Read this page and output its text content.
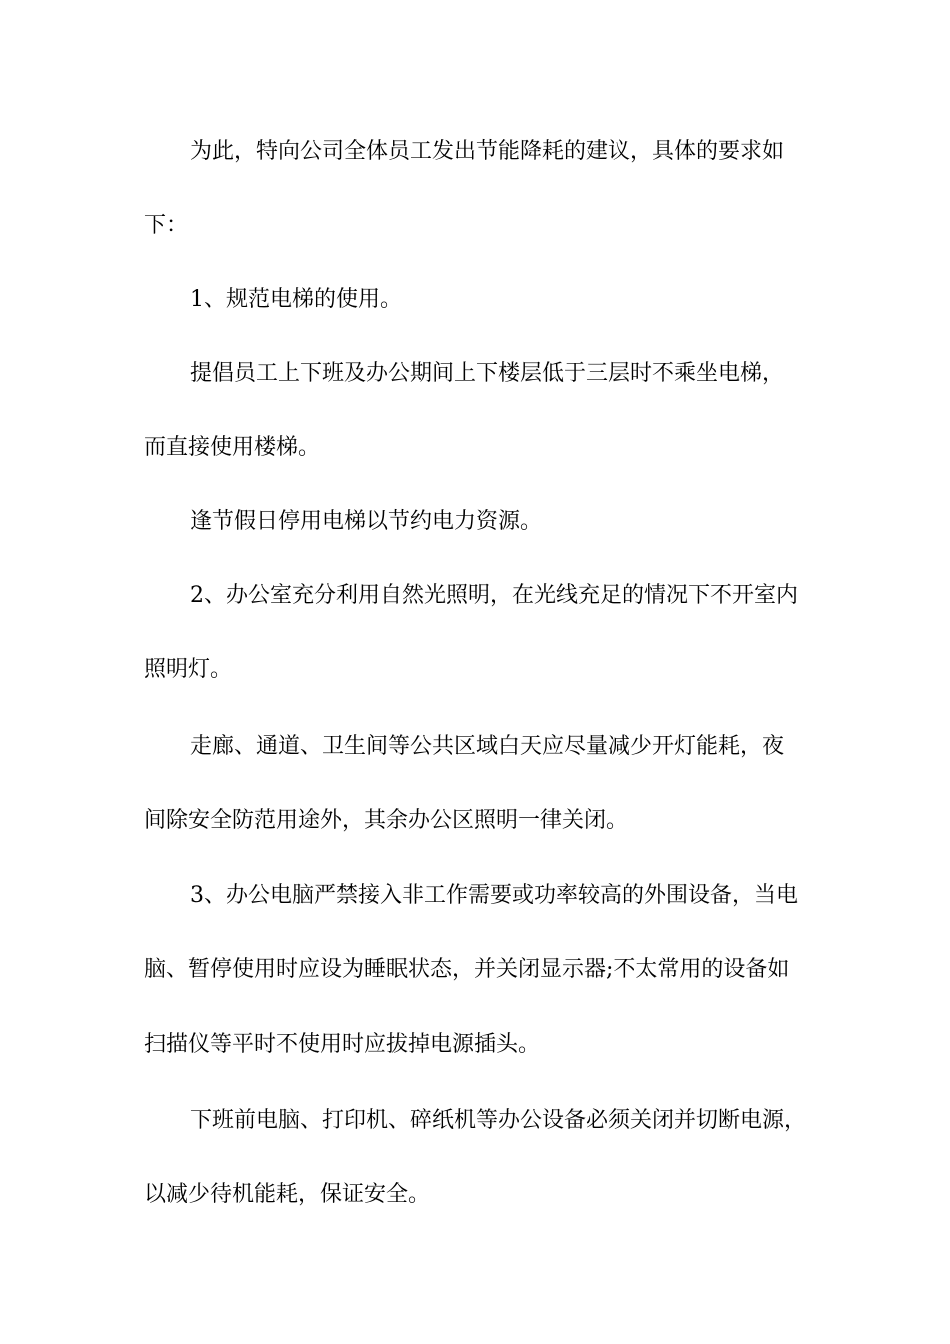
为此，特向公司全体员工发出节能降耗的建议，具体的要求如
下：
1、规范电梯的使用。
提倡员工上下班及办公期间上下楼层低于三层时不乘坐电梯，
而直接使用楼梯。
逢节假日停用电梯以节约电力资源。
2、办公室充分利用自然光照明，在光线充足的情况下不开室内
照明灯。
走廊、通道、卫生间等公共区域白天应尽量减少开灯能耗，夜
间除安全防范用途外，其余办公区照明一律关闭。
3、办公电脑严禁接入非工作需要或功率较高的外围设备，当电
脑、暂停使用时应设为睡眠状态，并关闭显示器;不太常用的设备如
扫描仪等平时不使用时应拔掉电源插头。
下班前电脑、打印机、碎纸机等办公设备必须关闭并切断电源，
以减少待机能耗，保证安全。
